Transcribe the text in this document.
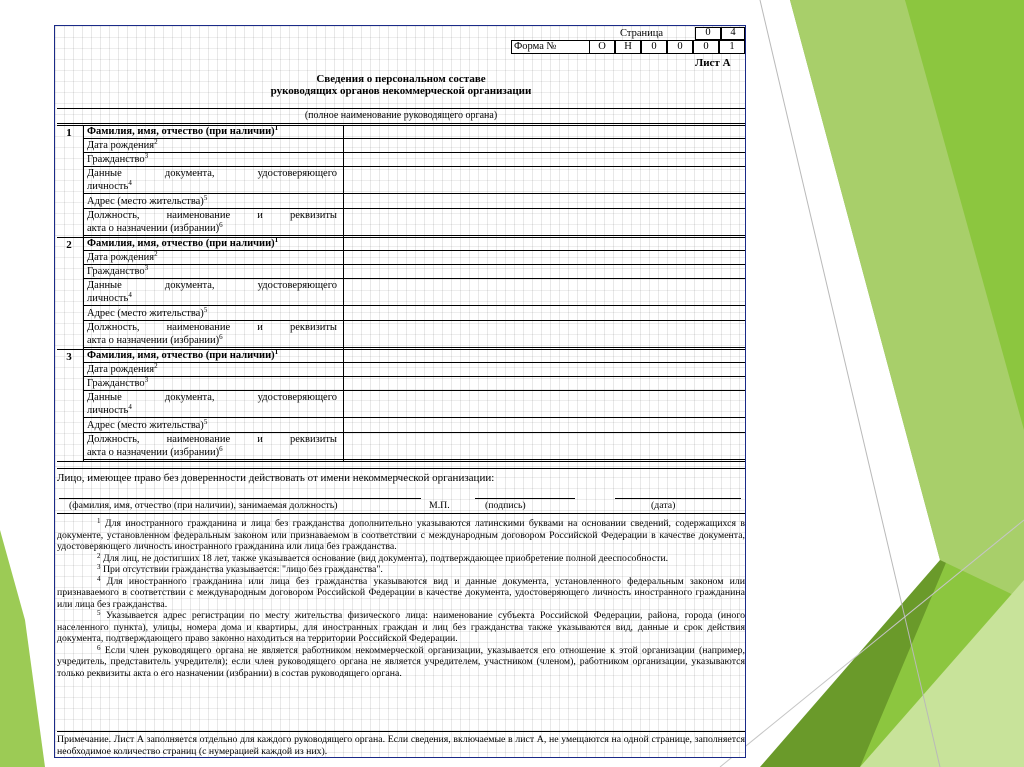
Страница	0	4
Форма №	О	Н	0	0	0	1
Лист А
Сведения о персональном составе
руководящих органов некоммерческой организации
(полное наименование руководящего органа)
1	Фамилия, имя, отчество (при наличии)$^1$
Дата рождения$^2$
Гражданство$^3$
Данные документа, удостоверяющего
личность$^4$
Адрес (место жительства)$^5$
Должность, наименование и реквизиты
акта о назначении (избрании)$^6$
2	Фамилия, имя, отчество (при наличии)$^1$
Дата рождения$^2$
Гражданство$^3$
Данные документа, удостоверяющего
личность$^4$
Адрес (место жительства)$^5$
Должность, наименование и реквизиты
акта о назначении (избрании)$^6$
3	Фамилия, имя, отчество (при наличии)$^1$
Дата рождения$^2$
Гражданство$^3$
Данные документа, удостоверяющего
личность$^4$
Адрес (место жительства)$^5$
Должность, наименование и реквизиты
акта о назначении (избрании)$^6$
Лицо, имеющее право без доверенности действовать от имени некоммерческой организации:
(фамилия, имя, отчество (при наличии), занимаемая должность)	М.П.	(подпись)	(дата)

$^1$ Для иностранного гражданина и лица без гражданства дополнительно указываются латинскими буквами на основании сведений, содержащихся в документе, установленном федеральным законом или признаваемом в соответствии с международным договором Российской Федерации в качестве документа, удостоверяющего личность иностранного гражданина или лица без гражданства.

$^2$ Для лиц, не достигших 18 лет, также указывается основание (вид документа), подтверждающее приобретение полной дееспособности.

$^3$ При отсутствии гражданства указывается: "лицо без гражданства".

$^4$ Для иностранного гражданина или лица без гражданства указываются вид и данные документа, установленного федеральным законом или признаваемого в соответствии с международным договором Российской Федерации в качестве документа, удостоверяющего личность иностранного гражданина или лица без гражданства.

$^5$ Указывается адрес регистрации по месту жительства физического лица: наименование субъекта Российской Федерации, района, города (иного населенного пункта), улицы, номера дома и квартиры, для иностранных граждан и лиц без гражданства также указываются вид, данные и срок действия документа, подтверждающего право законно находиться на территории Российской Федерации.

$^6$ Если член руководящего органа не является работником некоммерческой организации, указывается его отношение к этой организации (например, учредитель, представитель учредителя); если член руководящего органа не является учредителем, участником (членом), работником организации, указываются только реквизиты акта о его назначении (избрании) в состав руководящего органа.

Примечание. Лист А заполняется отдельно для каждого руководящего органа. Если сведения, включаемые в лист А, не умещаются на одной странице, заполняется необходимое количество страниц (с нумерацией каждой из них).
